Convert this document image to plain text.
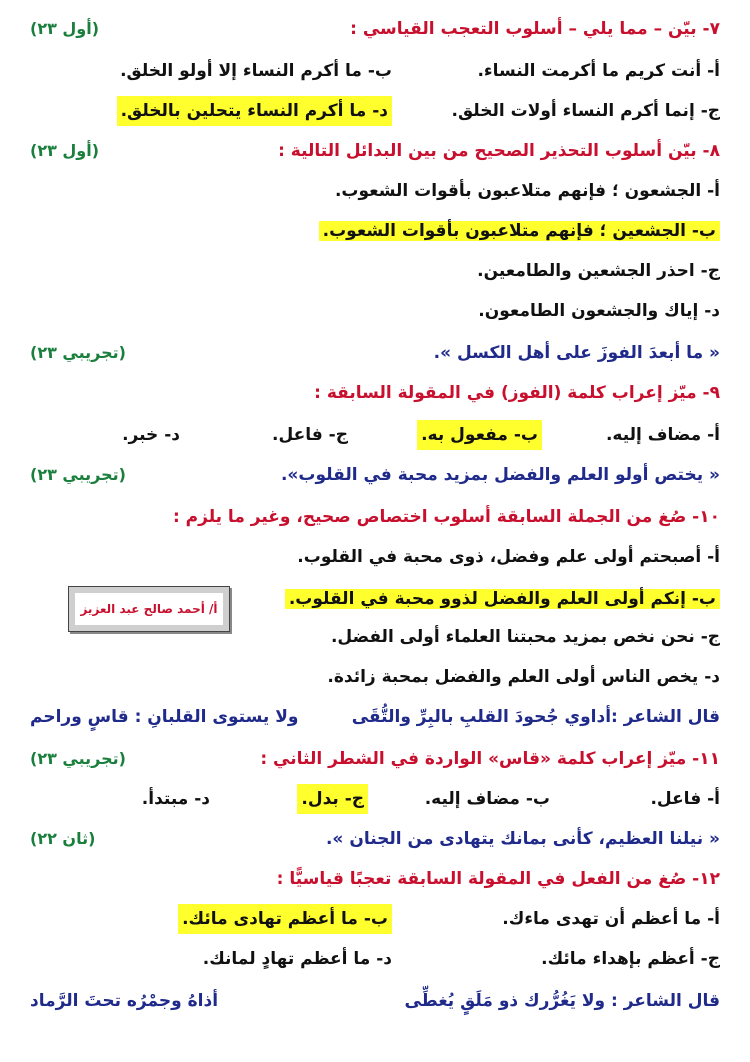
٧- بيّن – مما يلي – أسلوب التعجب القياسي :
(أول ٢٣)
أ- أنت كريم ما أكرمت النساء.
ب- ما أكرم النساء إلا أولو الخلق.
ج- إنما أكرم النساء أولات الخلق.
د- ما أكرم النساء يتحلين بالخلق.
٨- بيّن أسلوب التحذير الصحيح من بين البدائل التالية :
(أول ٢٣)
أ- الجشعون ؛ فإنهم متلاعبون بأقوات الشعوب.
ب- الجشعين ؛ فإنهم متلاعبون بأقوات الشعوب.
ج- احذر الجشعين والطامعين.
د- إياك والجشعون الطامعون.
« ما أبعدَ الفوزَ على أهل الكسل ».
(تجريبي ٢٣)
٩- ميّز إعراب كلمة (الفوز) في المقولة السابقة :
أ- مضاف إليه.
ب- مفعول به.
ج- فاعل.
د- خبر.
« يختص أولو العلم والفضل بمزيد محبة في القلوب».
(تجريبي ٢٣)
١٠- صُغ من الجملة السابقة أسلوب اختصاص صحيح، وغير ما يلزم :
أ- أصبحتم أولى علم وفضل، ذوى محبة في القلوب.
ب- إنكم أولى العلم والفضل لذوو محبة في القلوب.
ج- نحن نخص بمزيد محبتنا العلماء أولى الفضل.
د- يخص الناس أولى العلم والفضل بمحبة زائدة.
أ/ أحمد صالح عبد العزيز
قال الشاعر :أداوي جُحودَ القلبِ بالبِرِّ والتُّقَى
ولا يستوى القلبانِ : قاسٍ وراحم
١١- ميّز إعراب كلمة «قاس» الواردة في الشطر الثاني :
(تجريبي ٢٣)
أ- فاعل.
ب- مضاف إليه.
ج- بدل.
د- مبتدأ.
« نيلنا العظيم، كأنى بمانك يتهادى من الجنان ».
(ثان ٢٢)
١٢- صُغ من الفعل في المقولة السابقة تعجبًا قياسيًّا :
أ- ما أعظم أن تهدى ماءك.
ب- ما أعظم تهادى مائك.
ج- أعظم بإهداء مائك.
د- ما أعظم تهادٍ لمانك.
قال الشاعر : ولا يَغُرُّرك ذو مَلَقٍ يُغطِّى
أذاهُ وجمْرُه تحتَ الرَّماد
